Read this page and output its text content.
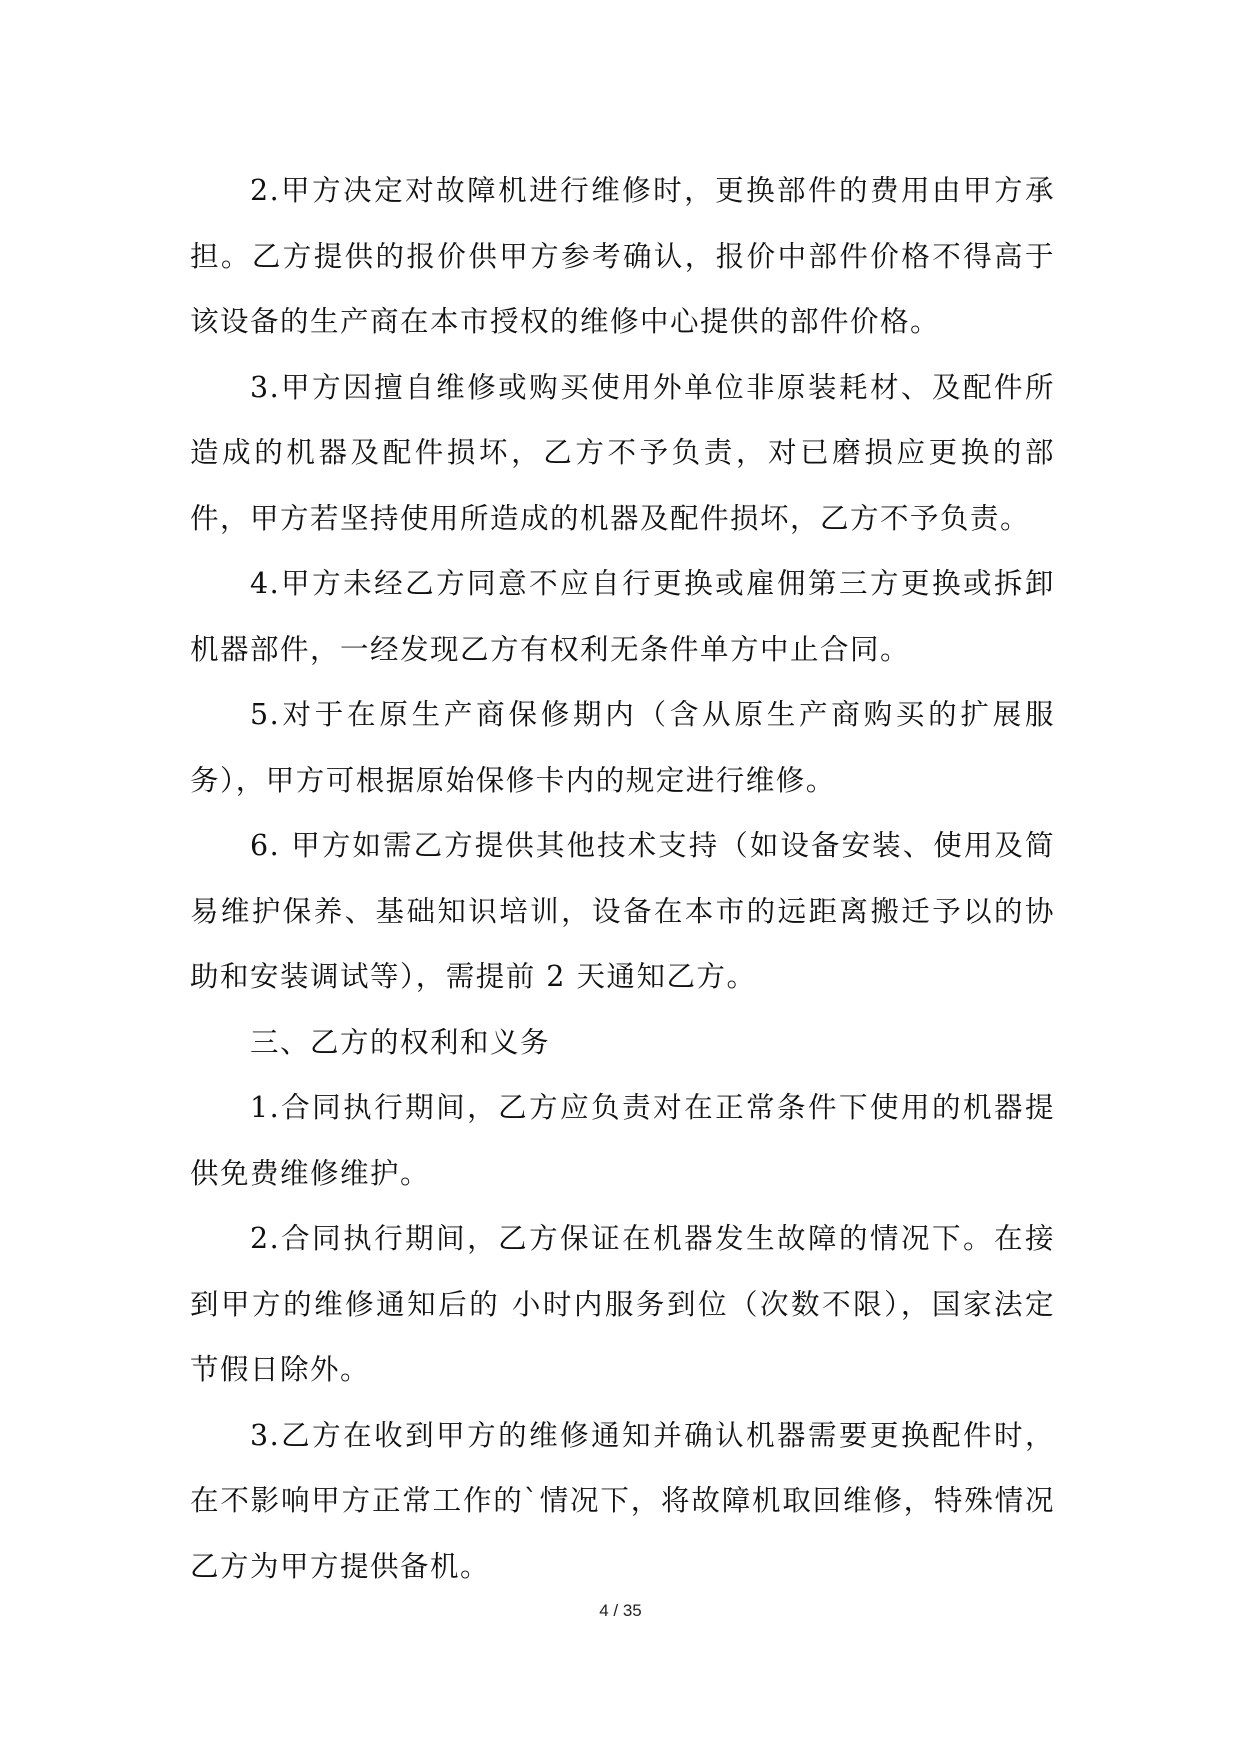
2.甲方决定对故障机进行维修时，更换部件的费用由甲方承担。乙方提供的报价供甲方参考确认，报价中部件价格不得高于该设备的生产商在本市授权的维修中心提供的部件价格。

3.甲方因擅自维修或购买使用外单位非原装耗材、及配件所造成的机器及配件损坏，乙方不予负责，对已磨损应更换的部件，甲方若坚持使用所造成的机器及配件损坏，乙方不予负责。

4.甲方未经乙方同意不应自行更换或雇佣第三方更换或拆卸机器部件，一经发现乙方有权利无条件单方中止合同。

5.对于在原生产商保修期内（含从原生产商购买的扩展服务），甲方可根据原始保修卡内的规定进行维修。

6. 甲方如需乙方提供其他技术支持（如设备安装、使用及简易维护保养、基础知识培训，设备在本市的远距离搬迁予以的协助和安装调试等），需提前 2 天通知乙方。

三、乙方的权利和义务

1.合同执行期间，乙方应负责对在正常条件下使用的机器提供免费维修维护。

2.合同执行期间，乙方保证在机器发生故障的情况下。在接到甲方的维修通知后的 小时内服务到位（次数不限），国家法定节假日除外。

3.乙方在收到甲方的维修通知并确认机器需要更换配件时，在不影响甲方正常工作的`情况下，将故障机取回维修，特殊情况乙方为甲方提供备机。

4 / 35
